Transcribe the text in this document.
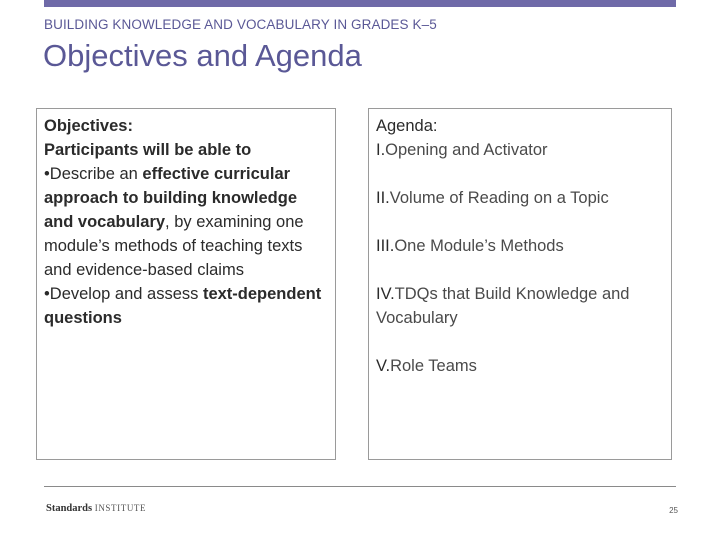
BUILDING KNOWLEDGE AND VOCABULARY IN GRADES K–5
Objectives and Agenda
Objectives:
Participants will be able to
•Describe an effective curricular approach to building knowledge and vocabulary, by examining one module’s methods of teaching texts and evidence-based claims
•Develop and assess text-dependent questions
Agenda:
I.Opening and Activator
II.Volume of Reading on a Topic
III.One Module’s Methods
IV.TDQs that Build Knowledge and Vocabulary
V.Role Teams
Standards INSTITUTE	25
